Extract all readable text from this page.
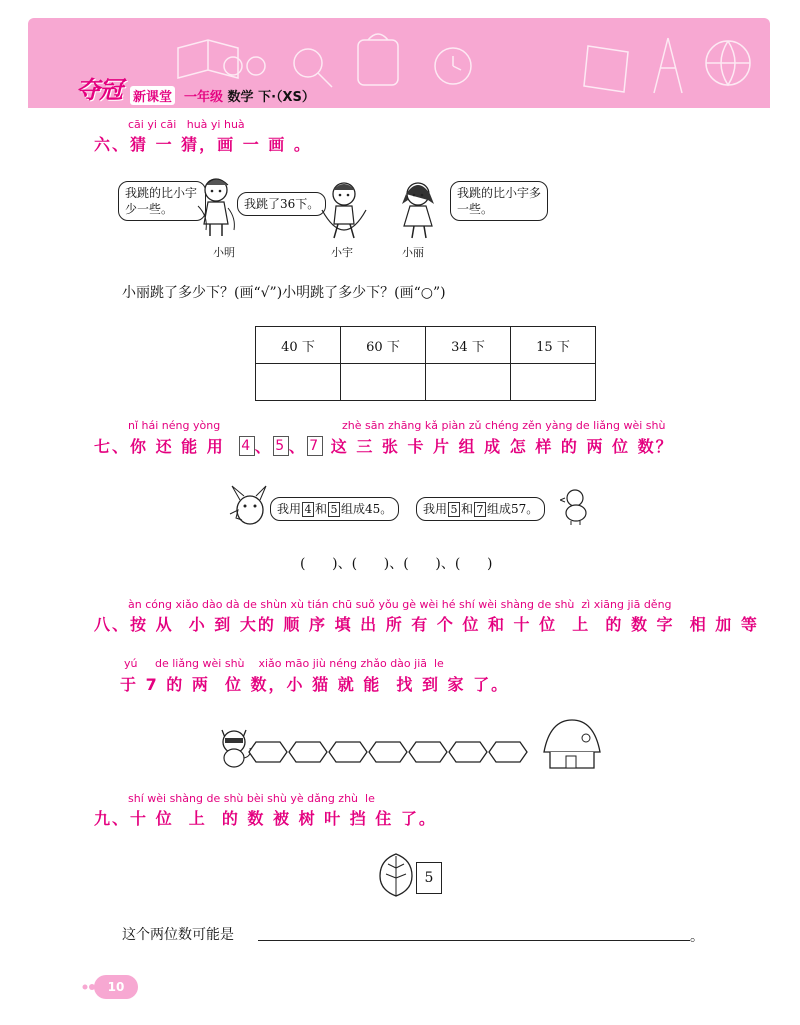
夺冠 新课堂 一年级 数学 下·（XS）
cāi yi cāi   huà yi huà
六、猜 一 猜，画 一 画 。
我跳的比小宇少一些。
小明
我跳了36下。
小宇
我跳的比小宇多一些。
小丽
小丽跳了多少下？(画“√”)小明跳了多少下？(画“○”)
40 下	60 下	34 下	15 下

nǐ hái néng yòng	zhè sān zhāng kǎ piàn zǔ chéng zěn yàng de liǎng wèi shù
七、你 还 能 用 4 、 5 、 7 这 三 张 卡 片 组 成 怎 样 的 两 位 数？
我用 4 和 5 组成45。	我用 5 和 7 组成57。
(      )、(      )、(      )、(      )
àn cóng xiǎo dào dà de shùn xù tián chū suǒ yǒu gè wèi hé shí wèi shàng de shù  zì xiāng jiā děng
八、按 从  小 到 大的 顺 序 填 出 所 有 个 位 和 十 位  上  的 数 字  相 加 等
yú     de liǎng wèi shù    xiǎo māo jiù néng zhǎo dào jiā  le
于 7 的 两  位 数，小 猫 就 能  找 到 家 了。
shí wèi shàng de shù bèi shù yè dǎng zhù  le
九、十 位  上  的 数 被 树 叶 挡 住 了。
5
这个两位数可能是	。
10
